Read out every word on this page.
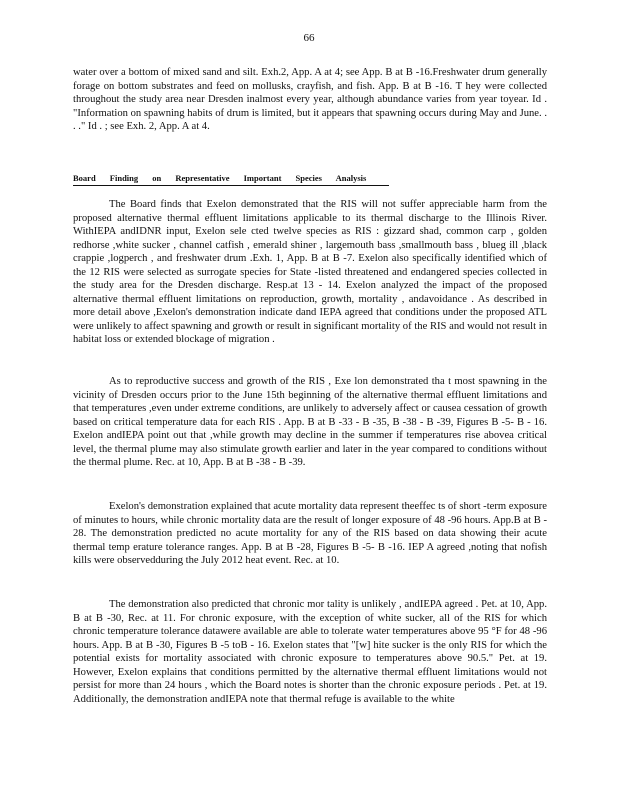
66

water over a bottom of mixed sand and silt. Exh.2, App. A at 4; see App. B at B -16.Freshwater drum generally forage on bottom substrates and feed on mollusks, crayfish, and fish. App. B at B -16. T hey were collected throughout the study area near Dresden inalmost every year, although abundance varies from year toyear. Id . "Information on spawning habits of drum is limited, but it appears that spawning occurs during May and June. . . ." Id . ; see Exh. 2, App. A at 4.

Board Finding on Representative Important Species Analysis

The Board finds that Exelon demonstrated that the RIS will not suffer appreciable harm from the proposed alternative thermal effluent limitations applicable to its thermal discharge to the Illinois River. WithIEPA andIDNR input, Exelon sele cted twelve species as RIS : gizzard shad, common carp , golden redhorse ,white sucker , channel catfish , emerald shiner , largemouth bass ,smallmouth bass , blueg ill ,black crappie ,logperch , and freshwater drum .Exh. 1, App. B at B -7. Exelon also specifically identified which of the 12 RIS were selected as surrogate species for State -listed threatened and endangered species collected in the study area for the Dresden discharge. Resp.at 13 - 14. Exelon analyzed the impact of the proposed alternative thermal effluent limitations on reproduction, growth, mortality , andavoidance . As described in more detail above ,Exelon's demonstration indicate dand IEPA agreed that conditions under the proposed ATL were unlikely to affect spawning and growth or result in significant mortality of the RIS and would not result in habitat loss or extended blockage of migration .

As to reproductive success and growth of the RIS , Exe lon demonstrated tha t most spawning in the vicinity of Dresden occurs prior to the June 15th beginning of the alternative thermal effluent limitations and that temperatures ,even under extreme conditions, are unlikely to adversely affect or causea cessation of growth based on critical temperature data for each RIS . App. B at B -33 - B -35, B -38 - B -39, Figures B -5- B - 16. Exelon andIEPA point out that ,while growth may decline in the summer if temperatures rise abovea critical level, the thermal plume may also stimulate growth earlier and later in the year compared to conditions without the thermal plume. Rec. at 10, App. B at B -38 - B -39.

Exelon's demonstration explained that acute mortality data represent theeffec ts of short -term exposure of minutes to hours, while chronic mortality data are the result of longer exposure of 48 -96 hours. App.B at B - 28. The demonstration predicted no acute mortality for any of the RIS based on data showing their acute thermal temp erature tolerance ranges. App. B at B -28, Figures B -5- B -16. IEP A agreed ,noting that nofish kills were observedduring the July 2012 heat event. Rec. at 10.

The demonstration also predicted that chronic mor tality is unlikely , andIEPA agreed . Pet. at 10, App. B at B -30, Rec. at 11. For chronic exposure, with the exception of white sucker, all of the RIS for which chronic temperature tolerance datawere available are able to tolerate water temperatures above 95 °F for 48 -96 hours. App. B at B -30, Figures B -5 toB - 16. Exelon states that "[w] hite sucker is the only RIS for which the potential exists for mortality associated with chronic exposure to temperatures above 90.5." Pet. at 19. However, Exelon explains that conditions permitted by the alternative thermal effluent limitations would not persist for more than 24 hours , which the Board notes is shorter than the chronic exposure periods . Pet. at 19. Additionally, the demonstration andIEPA note that thermal refuge is available to the white
